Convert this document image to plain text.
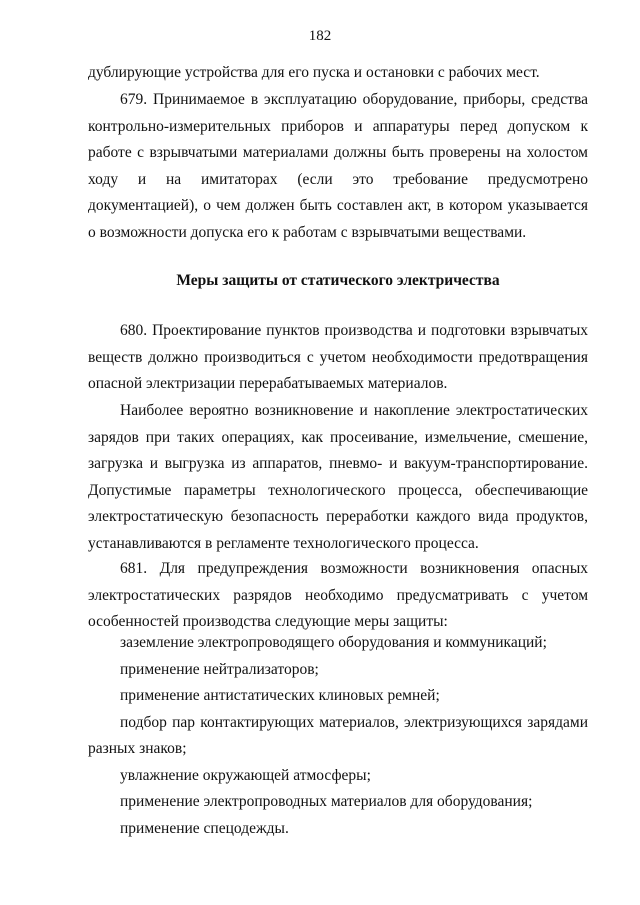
182

дублирующие устройства для его пуска и остановки с рабочих мест.

679. Принимаемое в эксплуатацию оборудование, приборы, средства контрольно-измерительных приборов и аппаратуры перед допуском к работе с взрывчатыми материалами должны быть проверены на холостом ходу и на имитаторах (если это требование предусмотрено документацией), о чем должен быть составлен акт, в котором указывается о возможности допуска его к работам с взрывчатыми веществами.

Меры защиты от статического электричества

680. Проектирование пунктов производства и подготовки взрывчатых веществ должно производиться с учетом необходимости предотвращения опасной электризации перерабатываемых материалов.

Наиболее вероятно возникновение и накопление электростатических зарядов при таких операциях, как просеивание, измельчение, смешение, загрузка и выгрузка из аппаратов, пневмо- и вакуум-транспортирование. Допустимые параметры технологического процесса, обеспечивающие электростатическую безопасность переработки каждого вида продуктов, устанавливаются в регламенте технологического процесса.

681. Для предупреждения возможности возникновения опасных электростатических разрядов необходимо предусматривать с учетом особенностей производства следующие меры защиты:

заземление электропроводящего оборудования и коммуникаций;

применение нейтрализаторов;

применение антистатических клиновых ремней;

подбор пар контактирующих материалов, электризующихся зарядами разных знаков;

увлажнение окружающей атмосферы;

применение электропроводных материалов для оборудования;

применение спецодежды.
